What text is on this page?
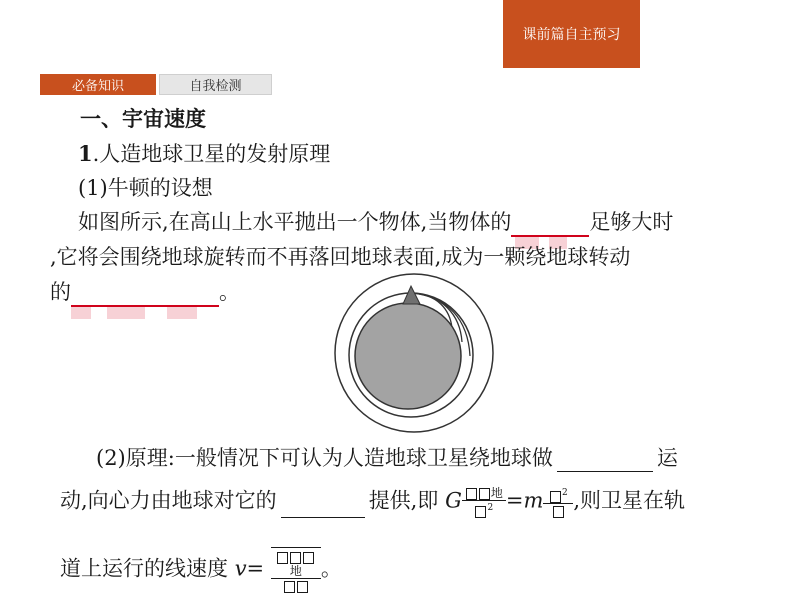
课前篇自主预习
必备知识	自我检测
一、宇宙速度
1.人造地球卫星的发射原理
(1)牛顿的设想
如图所示,在高山上水平抛出一个物体,当物体的	足够大时
,它将会围绕地球旋转而不再落回地球表面,成为一颗绕地球转动
的	。
(2)原理:一般情况下可认为人造地球卫星绕地球做	运
动,向心力由地球对它的	提供,即 G $\frac{\text{地}}{^2} =m$	$^2$ ,则卫星在轨
道上运行的线速度 v=	地 。
